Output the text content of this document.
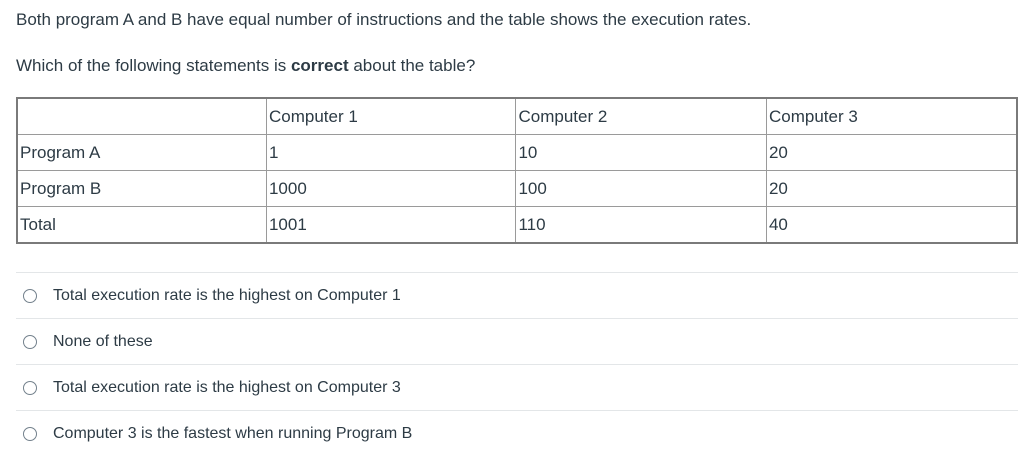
Both program A and B have equal number of instructions and the table shows the execution rates.

Which of the following statements is correct about the table?

	Computer 1	Computer 2	Computer 3
Program A	1	10	20
Program B	1000	100	20
Total	1001	110	40
Total execution rate is the highest on Computer 1
None of these
Total execution rate is the highest on Computer 3
Computer 3 is the fastest when running Program B
